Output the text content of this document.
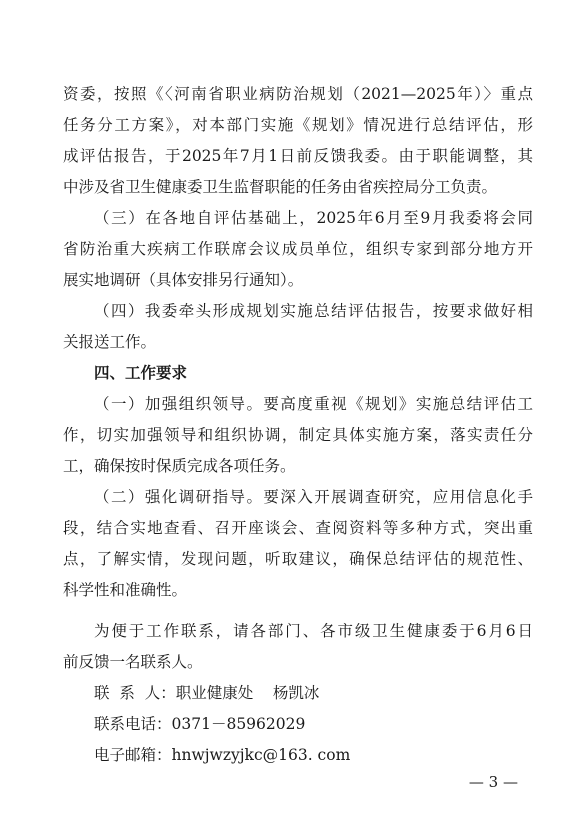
资委，按照《〈河南省职业病防治规划（2021—2025年）〉重点
任务分工方案》，对本部门实施《规划》情况进行总结评估，形
成评估报告，于2025年7月1日前反馈我委。由于职能调整，其
中涉及省卫生健康委卫生监督职能的任务由省疾控局分工负责。
（三）在各地自评估基础上，2025年6月至9月我委将会同
省防治重大疾病工作联席会议成员单位，组织专家到部分地方开
展实地调研（具体安排另行通知）。
（四）我委牵头形成规划实施总结评估报告，按要求做好相
关报送工作。
四、工作要求
（一）加强组织领导。要高度重视《规划》实施总结评估工
作，切实加强领导和组织协调，制定具体实施方案，落实责任分
工，确保按时保质完成各项任务。
（二）强化调研指导。要深入开展调查研究，应用信息化手
段，结合实地查看、召开座谈会、查阅资料等多种方式，突出重
点，了解实情，发现问题，听取建议，确保总结评估的规范性、
科学性和准确性。
为便于工作联系，请各部门、各市级卫生健康委于6月6日
前反馈一名联系人。
联  系  人：职业健康处    杨凯冰
联系电话：0371－85962029
电子邮箱：hnwjwzyjkc@163. com
— 3 —
